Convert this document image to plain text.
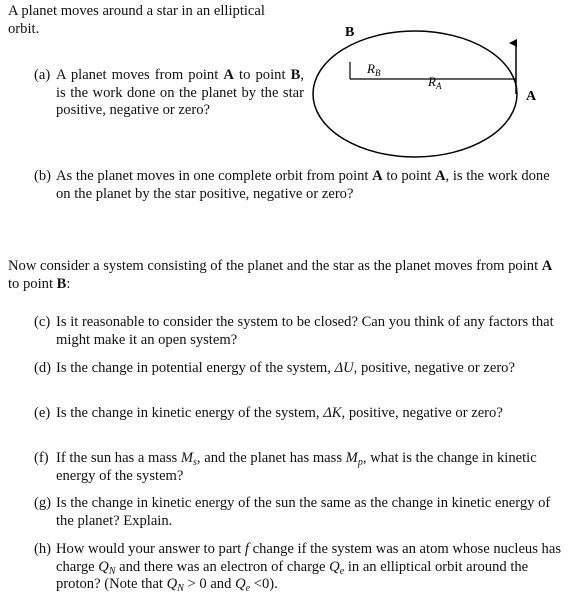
A planet moves around a star in an elliptical

orbit.	B
A
$R_B$
$R_A$

(a) A planet moves from point A to point B, is the work done on the planet by the star positive, negative or zero?

(b) As the planet moves in one complete orbit from point A to point A, is the work done on the planet by the star positive, negative or zero?

Now consider a system consisting of the planet and the star as the planet moves from point A to point B:

(c) Is it reasonable to consider the system to be closed? Can you think of any factors that might make it an open system?

(d) Is the change in potential energy of the system, ΔU, positive, negative or zero?

(e) Is the change in kinetic energy of the system, ΔK, positive, negative or zero?

(f) If the sun has a mass $M_s$, and the planet has mass $M_p$, what is the change in kinetic energy of the system?

(g) Is the change in kinetic energy of the sun the same as the change in kinetic energy of the planet? Explain.

(h) How would your answer to part f change if the system was an atom whose nucleus has charge $Q_N$ and there was an electron of charge $Q_e$ in an elliptical orbit around the proton? (Note that $Q_N > 0$ and $Q_e <0$).
